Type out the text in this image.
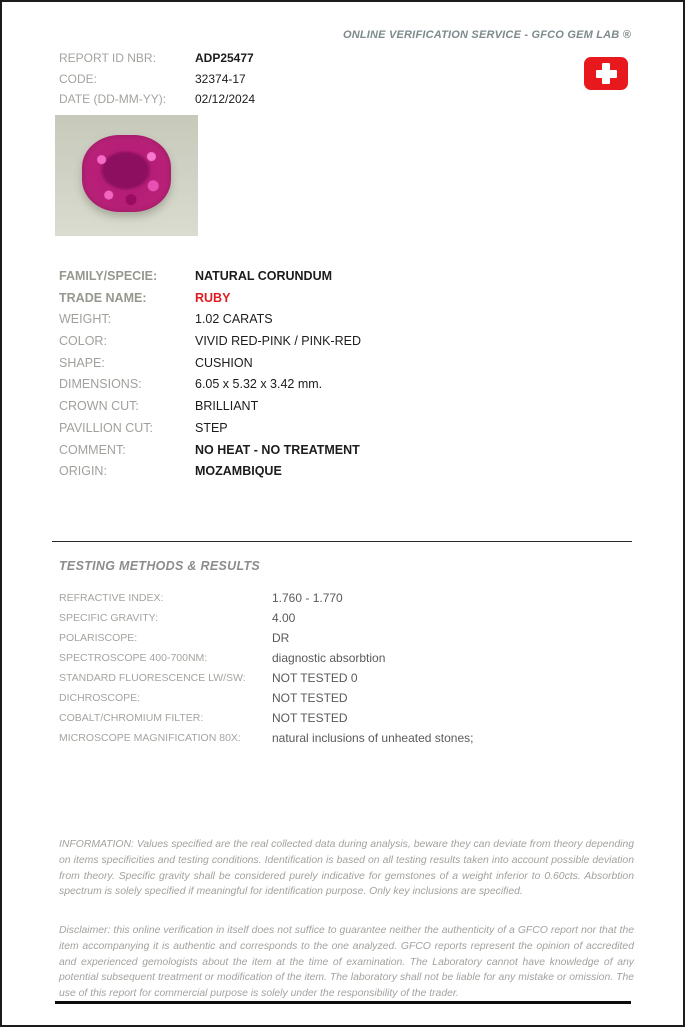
ONLINE VERIFICATION SERVICE - GFCO GEM LAB ®
REPORT ID NBR:	ADP25477
CODE:	32374-17
DATE (DD-MM-YY):	02/12/2024
FAMILY/SPECIE:	NATURAL CORUNDUM
TRADE NAME:	RUBY
WEIGHT:	1.02 CARATS
COLOR:	VIVID RED-PINK / PINK-RED
SHAPE:	CUSHION
DIMENSIONS:	6.05 x 5.32 x 3.42 mm.
CROWN CUT:	BRILLIANT
PAVILLION CUT:	STEP
COMMENT:	NO HEAT - NO TREATMENT
ORIGIN:	MOZAMBIQUE
TESTING METHODS & RESULTS
REFRACTIVE INDEX:	1.760 - 1.770
SPECIFIC GRAVITY:	4.00
POLARISCOPE:	DR
SPECTROSCOPE 400-700NM:	diagnostic absorbtion
STANDARD FLUORESCENCE LW/SW:	NOT TESTED 0
DICHROSCOPE:	NOT TESTED
COBALT/CHROMIUM FILTER:	NOT TESTED
MICROSCOPE MAGNIFICATION 80X:	natural inclusions of unheated stones;

INFORMATION: Values specified are the real collected data during analysis, beware they can deviate from theory depending on items specificities and testing conditions. Identification is based on all testing results taken into account possible deviation from theory. Specific gravity shall be considered purely indicative for gemstones of a weight inferior to 0.60cts. Absorbtion spectrum is solely specified if meaningful for identification purpose. Only key inclusions are specified.

Disclaimer: this online verification in itself does not suffice to guarantee neither the authenticity of a GFCO report nor that the item accompanying it is authentic and corresponds to the one analyzed. GFCO reports represent the opinion of accredited and experienced gemologists about the item at the time of examination. The Laboratory cannot have knowledge of any potential subsequent treatment or modification of the item. The laboratory shall not be liable for any mistake or omission. The use of this report for commercial purpose is solely under the responsibility of the trader.
